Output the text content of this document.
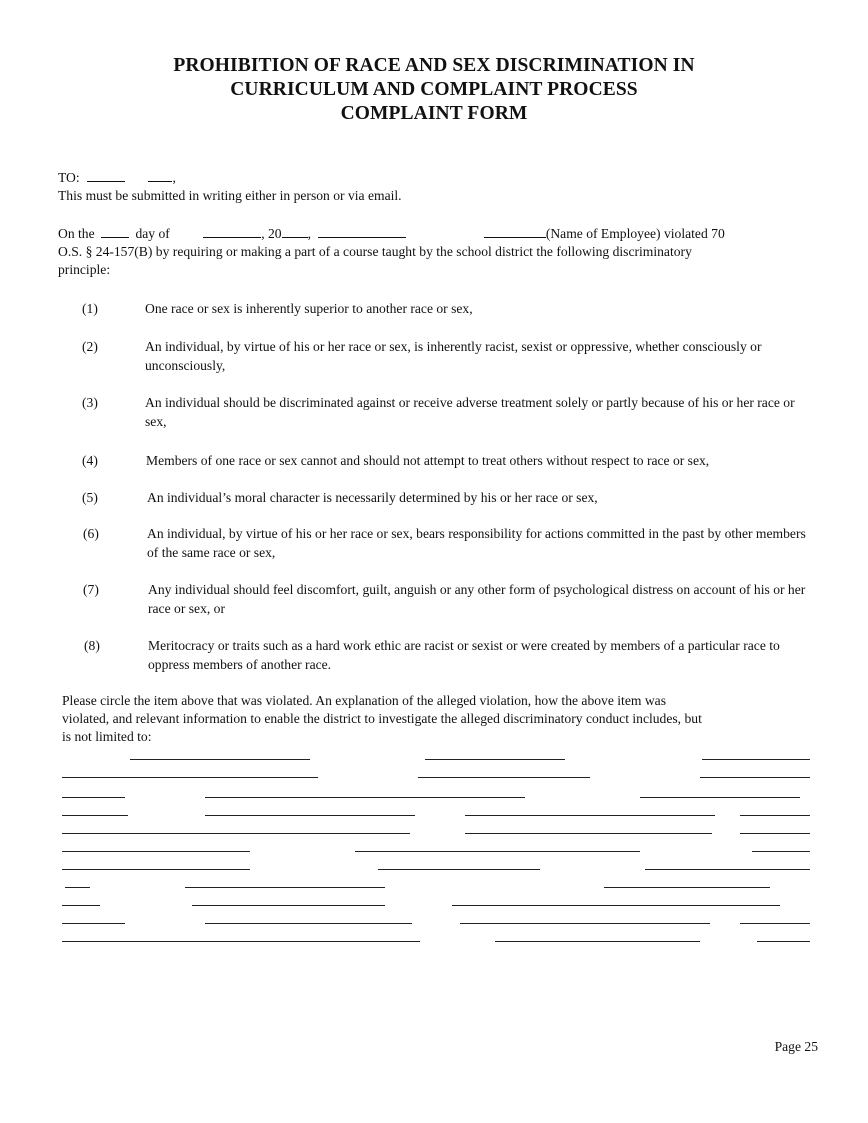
PROHIBITION OF RACE AND SEX DISCRIMINATION IN
CURRICULUM AND COMPLAINT PROCESS
COMPLAINT FORM
TO:	,
This must be submitted in writing either in person or via email.
On the	day of	, 20 ,	(Name of Employee) violated 70
O.S. § 24-157(B) by requiring or making a part of a course taught by the school district the following discriminatory
principle:
(1)	One race or sex is inherently superior to another race or sex,
(2)	An individual, by virtue of his or her race or sex, is inherently racist, sexist or oppressive, whether consciously or unconsciously,
(3)	An individual should be discriminated against or receive adverse treatment solely or partly because of his or her race or sex,
(4)	Members of one race or sex cannot and should not attempt to treat others without respect to race or sex,
(5)	An individual’s moral character is necessarily determined by his or her race or sex,
(6)	An individual, by virtue of his or her race or sex, bears responsibility for actions committed in the past by other members of the same race or sex,
(7)	Any individual should feel discomfort, guilt, anguish or any other form of psychological distress on account of his or her race or sex, or
(8)	Meritocracy or traits such as a hard work ethic are racist or sexist or were created by members of a particular race to oppress members of another race.
Please circle the item above that was violated. An explanation of the alleged violation, how the above item was
violated, and relevant information to enable the district to investigate the alleged discriminatory conduct includes, but
is not limited to:
Page 25
